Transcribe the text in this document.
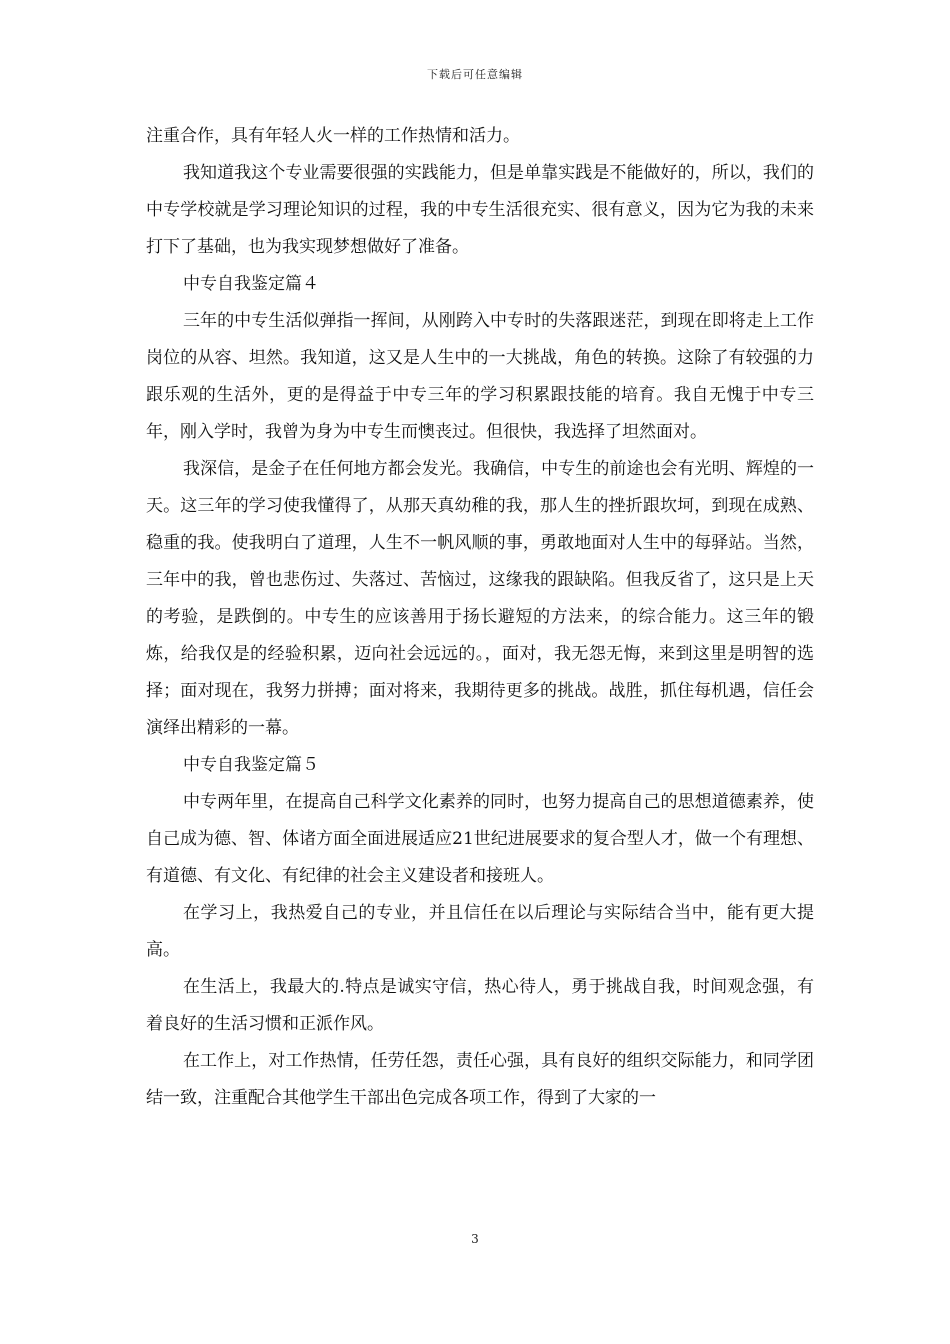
下载后可任意编辑

注重合作，具有年轻人火一样的工作热情和活力。

我知道我这个专业需要很强的实践能力，但是单靠实践是不能做好的，所以，我们的中专学校就是学习理论知识的过程，我的中专生活很充实、很有意义，因为它为我的未来打下了基础，也为我实现梦想做好了准备。

中专自我鉴定篇４

三年的中专生活似弹指一挥间，从刚跨入中专时的失落跟迷茫，到现在即将走上工作岗位的从容、坦然。我知道，这又是人生中的一大挑战，角色的转换。这除了有较强的力跟乐观的生活外，更的是得益于中专三年的学习积累跟技能的培育。我自无愧于中专三年，刚入学时，我曾为身为中专生而懊丧过。但很快，我选择了坦然面对。

我深信，是金子在任何地方都会发光。我确信，中专生的前途也会有光明、辉煌的一天。这三年的学习使我懂得了，从那天真幼稚的我，那人生的挫折跟坎坷，到现在成熟、稳重的我。使我明白了道理，人生不一帆风顺的事，勇敢地面对人生中的每驿站。当然，三年中的我，曾也悲伤过、失落过、苦恼过，这缘我的跟缺陷。但我反省了，这只是上天的考验，是跌倒的。中专生的应该善用于扬长避短的方法来，的综合能力。这三年的锻炼，给我仅是的经验积累，迈向社会远远的。，面对，我无怨无悔，来到这里是明智的选择；面对现在，我努力拼搏；面对将来，我期待更多的挑战。战胜，抓住每机遇，信任会演绎出精彩的一幕。

中专自我鉴定篇５

中专两年里，在提高自己科学文化素养的同时，也努力提高自己的思想道德素养，使自己成为德、智、体诸方面全面进展适应21世纪进展要求的复合型人才，做一个有理想、有道德、有文化、有纪律的社会主义建设者和接班人。

在学习上，我热爱自己的专业，并且信任在以后理论与实际结合当中，能有更大提高。

在生活上，我最大的.特点是诚实守信，热心待人，勇于挑战自我，时间观念强，有着良好的生活习惯和正派作风。

在工作上，对工作热情，任劳任怨，责任心强，具有良好的组织交际能力，和同学团结一致，注重配合其他学生干部出色完成各项工作，得到了大家的一

3
